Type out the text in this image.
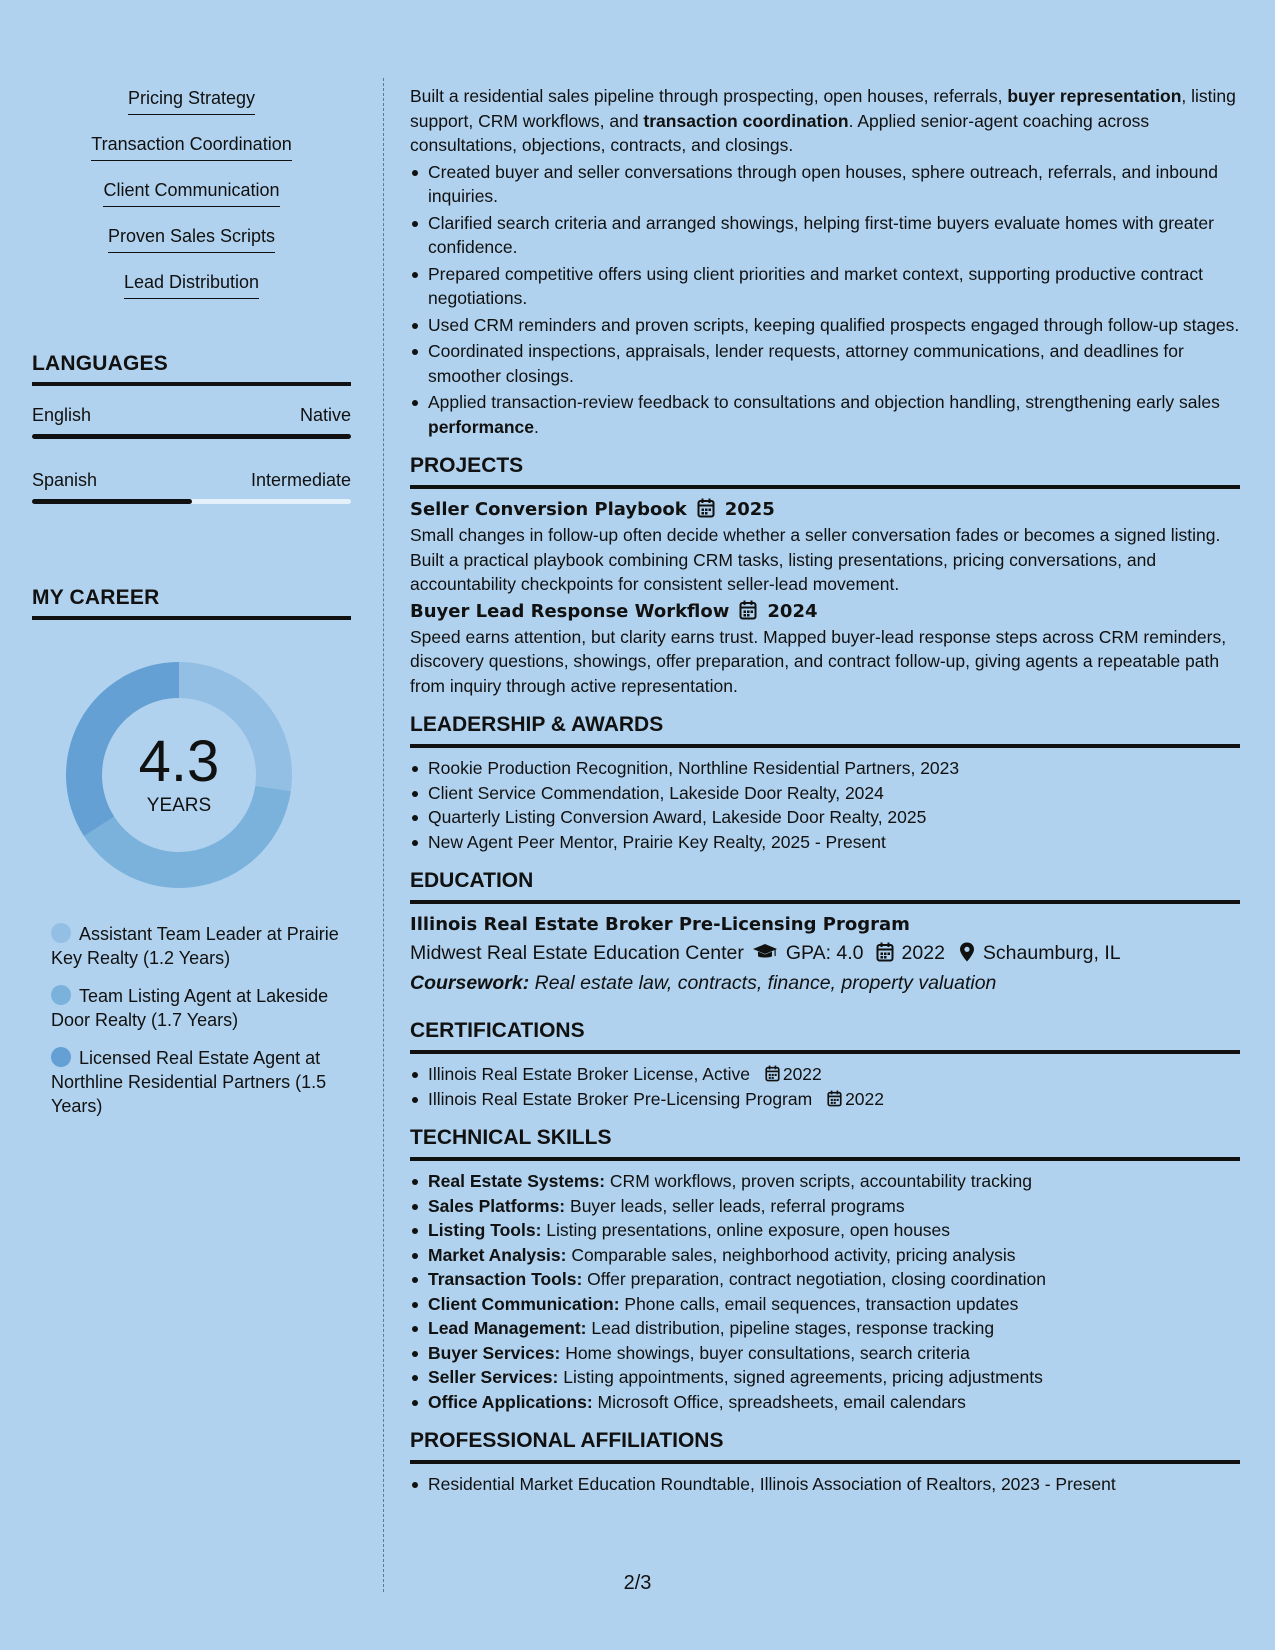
Pricing Strategy
Transaction Coordination
Client Communication
Proven Sales Scripts
Lead Distribution
LANGUAGES
English	Native
Spanish	Intermediate
MY CAREER
4.3
YEARS
Assistant Team Leader at Prairie Key Realty (1.2 Years)
Team Listing Agent at Lakeside Door Realty (1.7 Years)
Licensed Real Estate Agent at Northline Residential Partners (1.5 Years)

Built a residential sales pipeline through prospecting, open houses, referrals, buyer representation, listing support, CRM workflows, and transaction coordination. Applied senior-agent coaching across consultations, objections, contracts, and closings.

Created buyer and seller conversations through open houses, sphere outreach, referrals, and inbound inquiries.
Clarified search criteria and arranged showings, helping first-time buyers evaluate homes with greater confidence.
Prepared competitive offers using client priorities and market context, supporting productive contract negotiations.
Used CRM reminders and proven scripts, keeping qualified prospects engaged through follow-up stages.
Coordinated inspections, appraisals, lender requests, attorney communications, and deadlines for smoother closings.
Applied transaction-review feedback to consultations and objection handling, strengthening early sales performance.
PROJECTS
Seller Conversion Playbook 2025

Small changes in follow-up often decide whether a seller conversation fades or becomes a signed listing. Built a practical playbook combining CRM tasks, listing presentations, pricing conversations, and accountability checkpoints for consistent seller-lead movement.

Buyer Lead Response Workflow 2024

Speed earns attention, but clarity earns trust. Mapped buyer-lead response steps across CRM reminders, discovery questions, showings, offer preparation, and contract follow-up, giving agents a repeatable path from inquiry through active representation.

LEADERSHIP & AWARDS
Rookie Production Recognition, Northline Residential Partners, 2023
Client Service Commendation, Lakeside Door Realty, 2024
Quarterly Listing Conversion Award, Lakeside Door Realty, 2025
New Agent Peer Mentor, Prairie Key Realty, 2025 - Present
EDUCATION
Illinois Real Estate Broker Pre-Licensing Program
Midwest Real Estate Education Center GPA: 4.0 2022 Schaumburg, IL
Coursework: Real estate law, contracts, finance, property valuation
CERTIFICATIONS
Illinois Real Estate Broker License, Active 2022
Illinois Real Estate Broker Pre-Licensing Program 2022
TECHNICAL SKILLS
Real Estate Systems: CRM workflows, proven scripts, accountability tracking
Sales Platforms: Buyer leads, seller leads, referral programs
Listing Tools: Listing presentations, online exposure, open houses
Market Analysis: Comparable sales, neighborhood activity, pricing analysis
Transaction Tools: Offer preparation, contract negotiation, closing coordination
Client Communication: Phone calls, email sequences, transaction updates
Lead Management: Lead distribution, pipeline stages, response tracking
Buyer Services: Home showings, buyer consultations, search criteria
Seller Services: Listing appointments, signed agreements, pricing adjustments
Office Applications: Microsoft Office, spreadsheets, email calendars
PROFESSIONAL AFFILIATIONS
Residential Market Education Roundtable, Illinois Association of Realtors, 2023 - Present
2/3
